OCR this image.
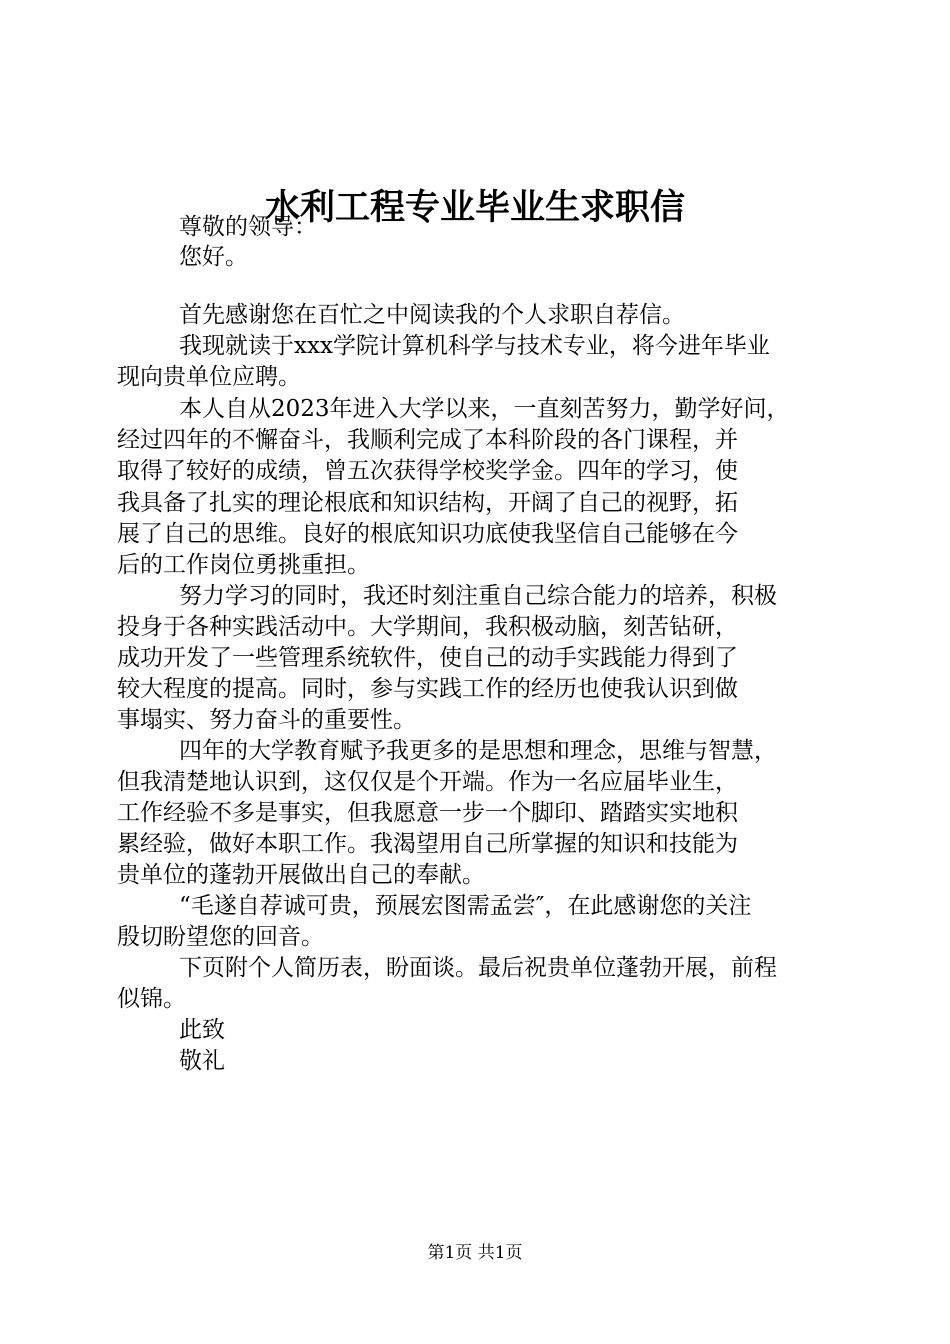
水利工程专业毕业生求职信
尊敬的领导：
您好。
首先感谢您在百忙之中阅读我的个人求职自荐信。
我现就读于xxx学院计算机科学与技术专业，将今进年毕业
现向贵单位应聘。
本人自从2023年进入大学以来，一直刻苦努力，勤学好问，
经过四年的不懈奋斗，我顺利完成了本科阶段的各门课程，并
取得了较好的成绩，曾五次获得学校奖学金。四年的学习，使
我具备了扎实的理论根底和知识结构，开阔了自己的视野，拓
展了自己的思维。良好的根底知识功底使我坚信自己能够在今
后的工作岗位勇挑重担。
努力学习的同时，我还时刻注重自己综合能力的培养，积极
投身于各种实践活动中。大学期间，我积极动脑，刻苦钻研，
成功开发了一些管理系统软件，使自己的动手实践能力得到了
较大程度的提高。同时，参与实践工作的经历也使我认识到做
事塌实、努力奋斗的重要性。
四年的大学教育赋予我更多的是思想和理念，思维与智慧，
但我清楚地认识到，这仅仅是个开端。作为一名应届毕业生，
工作经验不多是事实，但我愿意一步一个脚印、踏踏实实地积
累经验，做好本职工作。我渴望用自己所掌握的知识和技能为
贵单位的蓬勃开展做出自己的奉献。
“毛遂自荐诚可贵，预展宏图需孟尝″，在此感谢您的关注
殷切盼望您的回音。
下页附个人简历表，盼面谈。最后祝贵单位蓬勃开展，前程
似锦。
此致
敬礼
第1页 共1页
